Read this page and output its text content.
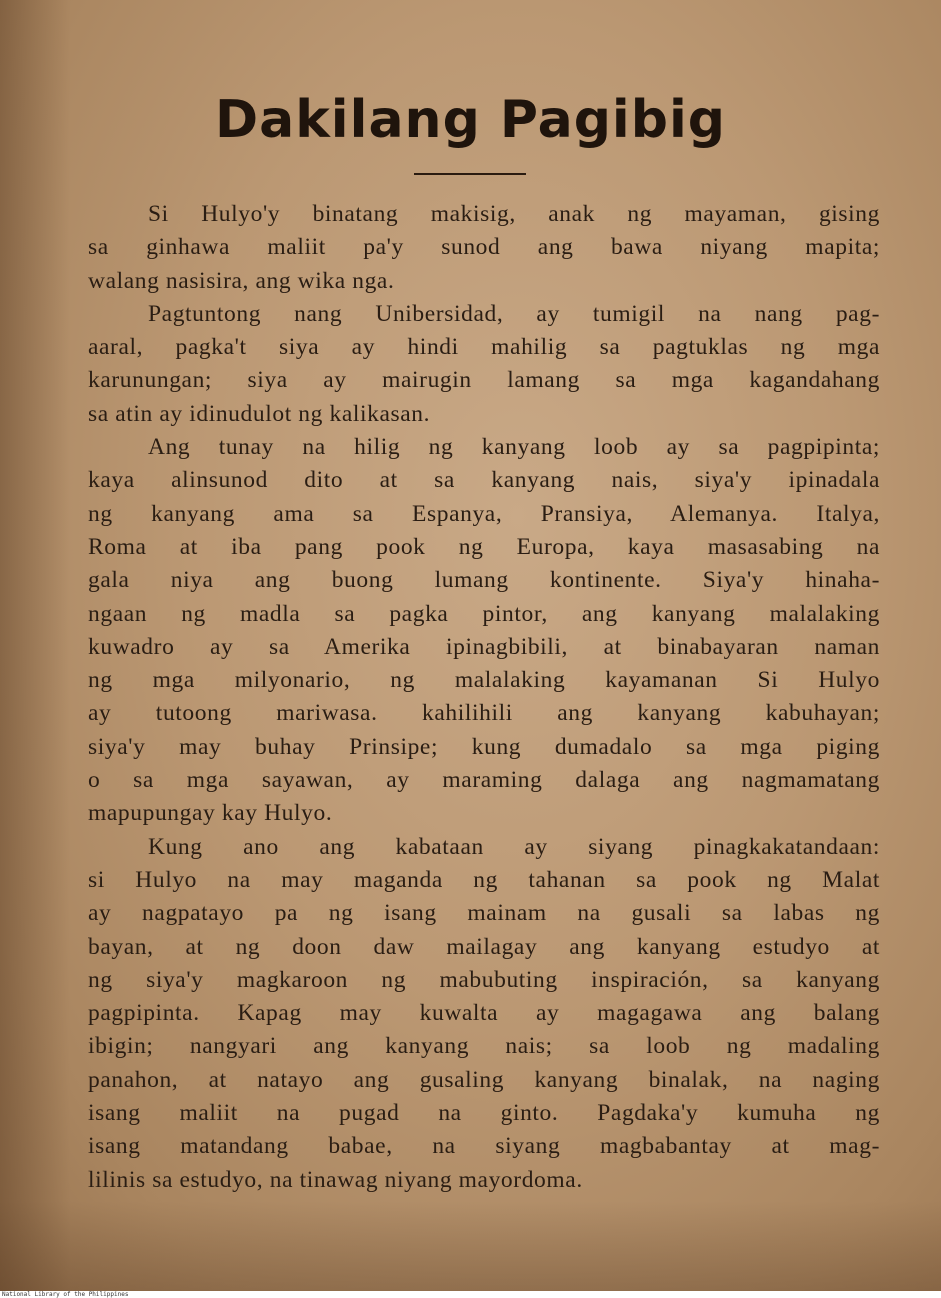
Dakilang Pagibig
Si Hulyo'y binatang makisig, anak ng mayaman, gising
sa ginhawa maliit pa'y sunod ang bawa niyang mapita;
walang nasisira, ang wika nga.
Pagtuntong nang Unibersidad, ay tumigil na nang pag-
aaral, pagka't siya ay hindi mahilig sa pagtuklas ng mga
karunungan; siya ay mairugin lamang sa mga kagandahang
sa atin ay idinudulot ng kalikasan.
Ang tunay na hilig ng kanyang loob ay sa pagpipinta;
kaya alinsunod dito at sa kanyang nais, siya'y ipinadala
ng kanyang ama sa Espanya, Pransiya, Alemanya. Italya,
Roma at iba pang pook ng Europa, kaya masasabing na
gala niya ang buong lumang kontinente. Siya'y hinaha-
ngaan ng madla sa pagka pintor, ang kanyang malalaking
kuwadro ay sa Amerika ipinagbibili, at binabayaran naman
ng mga milyonario, ng malalaking kayamanan Si Hulyo
ay tutoong mariwasa. kahilihili ang kanyang kabuhayan;
siya'y may buhay Prinsipe; kung dumadalo sa mga piging
o sa mga sayawan, ay maraming dalaga ang nagmamatang
mapupungay kay Hulyo.
Kung ano ang kabataan ay siyang pinagkakatandaan:
si Hulyo na may maganda ng tahanan sa pook ng Malat
ay nagpatayo pa ng isang mainam na gusali sa labas ng
bayan, at ng doon daw mailagay ang kanyang estudyo at
ng siya'y magkaroon ng mabubuting inspiración, sa kanyang
pagpipinta. Kapag may kuwalta ay magagawa ang balang
ibigin; nangyari ang kanyang nais; sa loob ng madaling
panahon, at natayo ang gusaling kanyang binalak, na naging
isang maliit na pugad na ginto. Pagdaka'y kumuha ng
isang matandang babae, na siyang magbabantay at mag-
lilinis sa estudyo, na tinawag niyang mayordoma.
National Library of the Philippines
